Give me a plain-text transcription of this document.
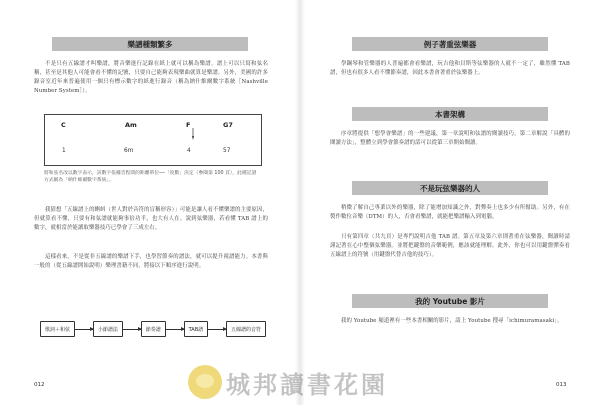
樂譜種類繁多

不是只有五線譜才叫樂譜，將音樂進行記錄在紙上就可以稱為樂譜。譜上可以只寫和弦名稱，甚至是其他人可能會看不懂的記號，只要自己能夠表現樂曲就算是樂譜。另外，美國的許多錄音室近年來普遍使用一個只有標示數字的紙進行錄音（稱為納什維爾數字系統［Nashville Number System］）。

C	Am	F	G7
1	6m	4	57

將和弦名改以數字表示，該數字依據音程間的距離單位──「度數」決定（參閱第 100 頁），此種記譜方式稱為「納什維爾數字系統」。

我猜想「五線譜上的蝌蚪（世人對於音符的盲稱形容）」可能是讓人看不懂樂譜的主要原因，但就算看不懂，只要有和弦譜就能夠事倍功半，也大有人在。說到弦樂器，若看懂 TAB 譜上的數字，就相當於能讀取樂器技巧已學會了三成左右。

這樣看來，不是從非五線譜的樂譜下手，也學習節奏的譜法，就可以提升視譜能力。本書與一般的（從五線譜開始說明）樂理書籍不同，將接以下順序進行說明。

歌詞＋和弦	小節譜法	節奏譜	TAB譜	五線譜的音符
012
例子著重弦樂器

學鋼琴和管樂器的人普遍都會看樂譜，玩吉他和貝斯等弦樂器的人就不一定了，雖然懂 TAB 譜，但也有很多人看不懂節奏譜，因此本書會著重於弦樂器上。

本書架構

序章將提供「想學會樂譜」的一些建議，第一章說明和弦譜的閱讀技巧。第二章解說「具體的閱讀方法」，整體立到學會節奏譜的話可以從第三章開始閱讀。

不是玩弦樂器的人

稍微了解自己專業以外的樂器，除了能增加知識之外，對彈奏上也多少有所幫助。另外，有在製作數位音樂（DTM）的人，否會看樂譜，就能把樂譜輸入到電腦。

只有第四章（共九頁）是專門說明吉他 TAB 譜。第五章及第六章則著重在弦樂器，閱讀時請謹記著在心中整個弦樂器。並將把鍵盤的音樂範例，應該就能理解。此外，你也可以用鍵盤彈奏看五線譜上的符號（用鍵盤代替吉他的技巧）。

我的 Youtube 影片

我的 Youtube 頻道裡有一些本書相關的影片，請上 Youtube 搜尋「ichimuramasaki」。

013
城邦讀書花園
